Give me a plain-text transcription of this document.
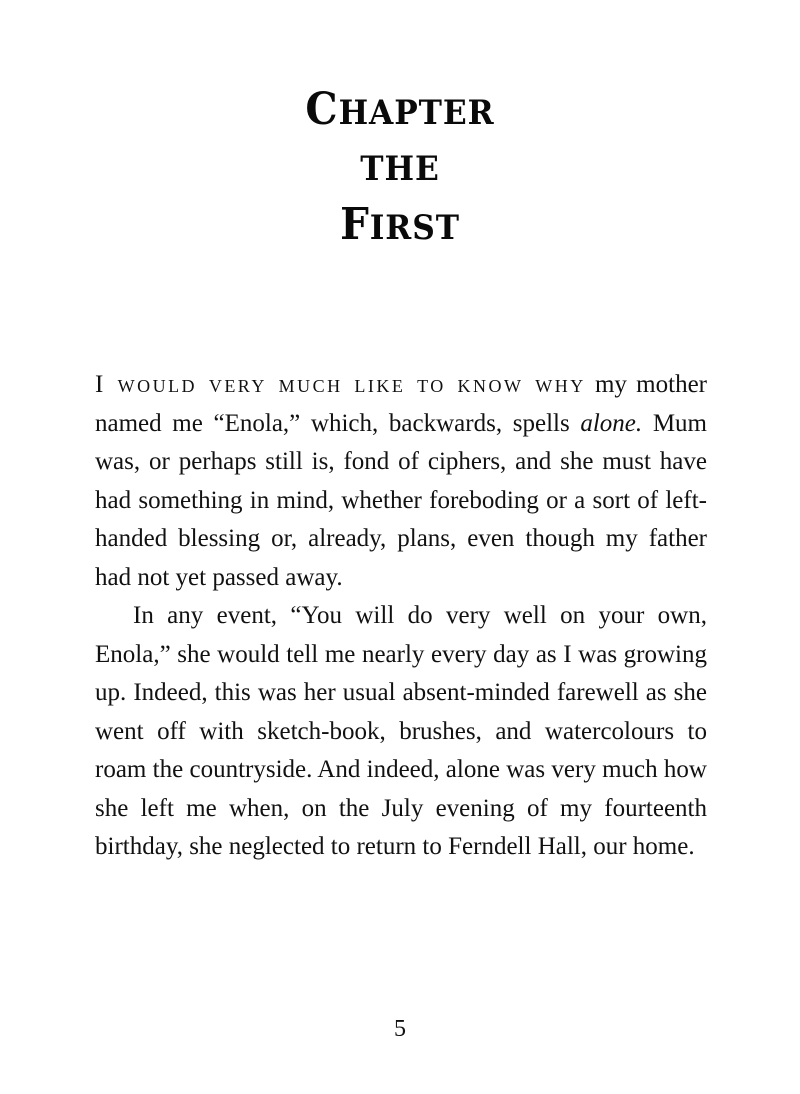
CHAPTER
THE
FIRST

I would very much like to know why my mother named me “Enola,” which, backwards, spells alone. Mum was, or perhaps still is, fond of ciphers, and she must have had something in mind, whether foreboding or a sort of left-handed blessing or, already, plans, even though my father had not yet passed away.

In any event, “You will do very well on your own, Enola,” she would tell me nearly every day as I was growing up. Indeed, this was her usual absent-minded farewell as she went off with sketch-book, brushes, and watercolours to roam the countryside. And indeed, alone was very much how she left me when, on the July evening of my fourteenth birthday, she neglected to return to Ferndell Hall, our home.

5
